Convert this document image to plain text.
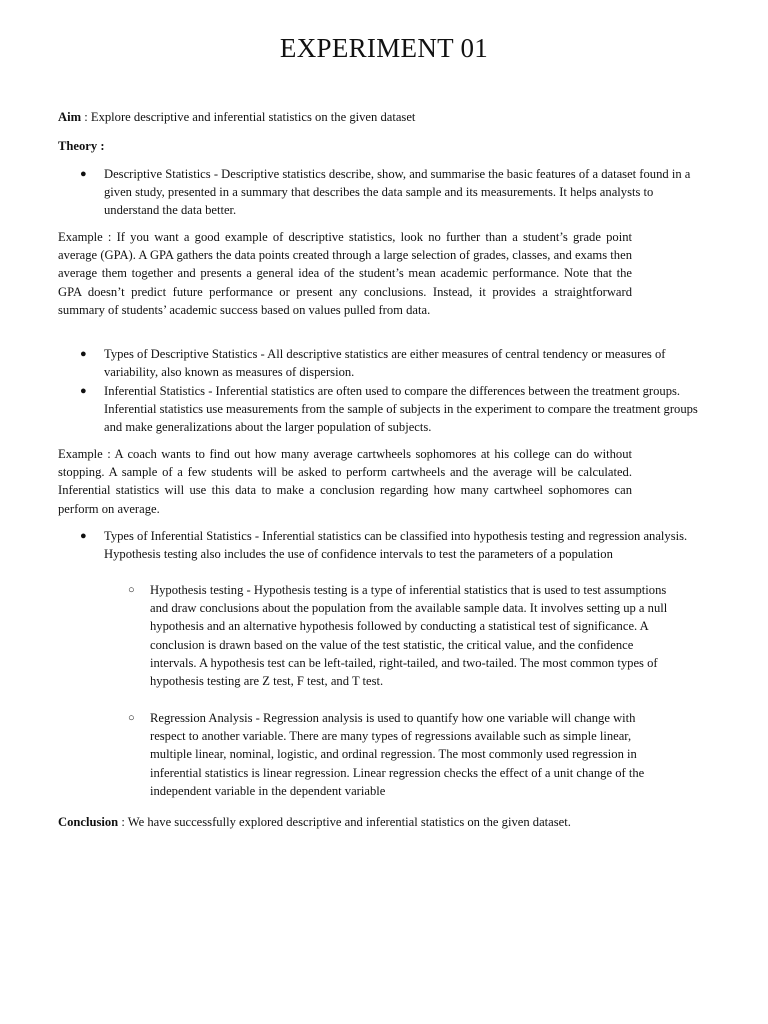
EXPERIMENT 01
Aim : Explore descriptive and inferential statistics on the given dataset
Theory :
● Descriptive Statistics - Descriptive statistics describe, show, and summarise the basic features of a dataset found in a given study, presented in a summary that describes the data sample and its measurements. It helps analysts to understand the data better.
Example : If you want a good example of descriptive statistics, look no further than a student’s grade point average (GPA). A GPA gathers the data points created through a large selection of grades, classes, and exams then average them together and presents a general idea of the student’s mean academic performance. Note that the GPA doesn’t predict future performance or present any conclusions. Instead, it provides a straightforward summary of students’ academic success based on values pulled from data.
● Types of Descriptive Statistics - All descriptive statistics are either measures of central tendency or measures of variability, also known as measures of dispersion.
● Inferential Statistics - Inferential statistics are often used to compare the differences between the treatment groups. Inferential statistics use measurements from the sample of subjects in the experiment to compare the treatment groups and make generalizations about the larger population of subjects.
Example : A coach wants to find out how many average cartwheels sophomores at his college can do without stopping. A sample of a few students will be asked to perform cartwheels and the average will be calculated. Inferential statistics will use this data to make a conclusion regarding how many cartwheel sophomores can perform on average.
● Types of Inferential Statistics - Inferential statistics can be classified into hypothesis testing and regression analysis. Hypothesis testing also includes the use of confidence intervals to test the parameters of a population
○ Hypothesis testing - Hypothesis testing is a type of inferential statistics that is used to test assumptions and draw conclusions about the population from the available sample data. It involves setting up a null hypothesis and an alternative hypothesis followed by conducting a statistical test of significance. A conclusion is drawn based on the value of the test statistic, the critical value, and the confidence intervals. A hypothesis test can be left-tailed, right-tailed, and two-tailed. The most common types of hypothesis testing are Z test, F test, and T test.
○ Regression Analysis - Regression analysis is used to quantify how one variable will change with respect to another variable. There are many types of regressions available such as simple linear, multiple linear, nominal, logistic, and ordinal regression. The most commonly used regression in inferential statistics is linear regression. Linear regression checks the effect of a unit change of the independent variable in the dependent variable
Conclusion : We have successfully explored descriptive and inferential statistics on the given dataset.
